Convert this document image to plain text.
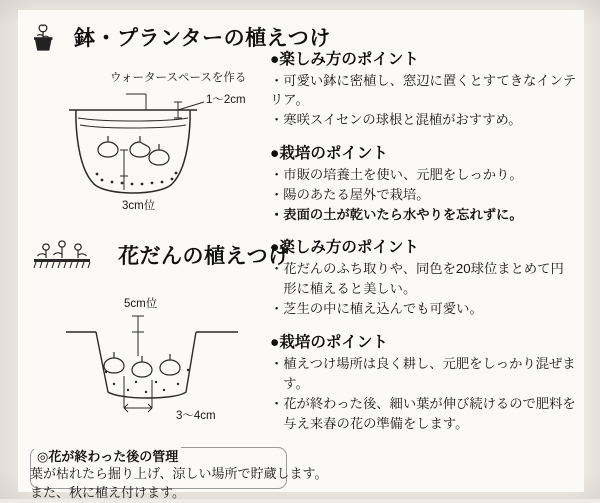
鉢・プランターの植えつけ
ウォータースペースを作る
1〜2cm
3cm位
●楽しみ方のポイント
・可愛い鉢に密植し、窓辺に置くとすてきなインテリア。
・寒咲スイセンの球根と混植がおすすめ。
●栽培のポイント
・市販の培養土を使い、元肥をしっかり。
・陽のあたる屋外で栽培。
・表面の土が乾いたら水やりを忘れずに。
花だんの植えつけ
5cm位
3〜4cm
●楽しみ方のポイント
・花だんのふち取りや、同色を20球位まとめて円
　形に植えると美しい。
・芝生の中に植え込んでも可愛い。
●栽培のポイント
・植えつけ場所は良く耕し、元肥をしっかり混ぜま
　す。
・花が終わった後、細い葉が伸び続けるので肥料を
　与え来春の花の準備をします。
◎花が終わった後の管理
葉が枯れたら掘り上げ、涼しい場所で貯蔵します。
また、秋に植え付けます。
